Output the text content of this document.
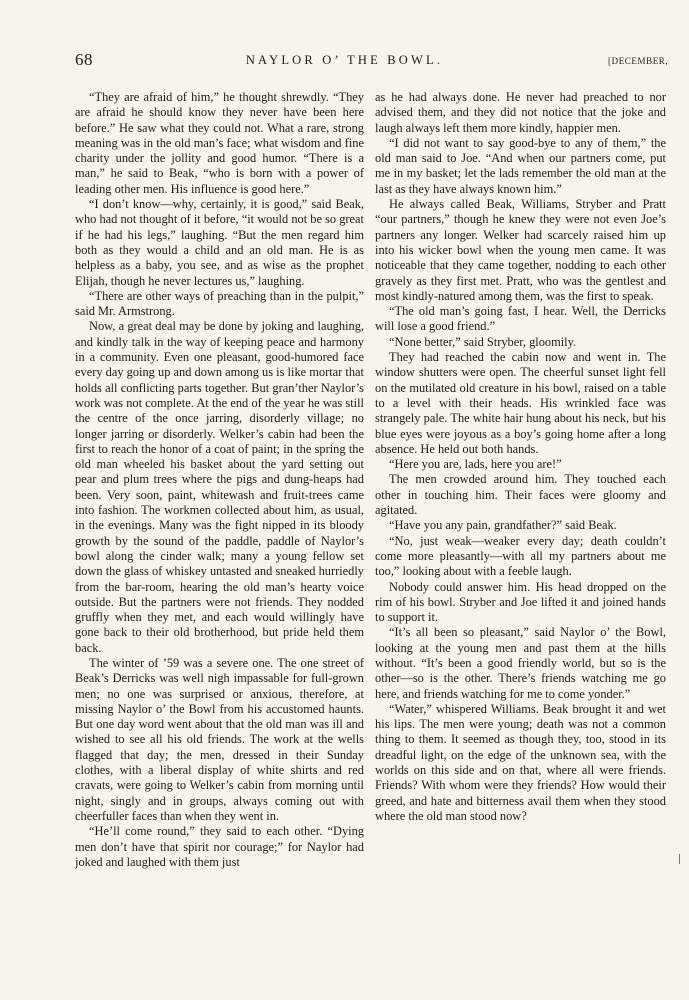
68	NAYLOR O’ THE BOWL.	[DECEMBER,

“They are afraid of him,” he thought shrewdly. “They are afraid he should know they never have been here before.” He saw what they could not. What a rare, strong meaning was in the old man’s face; what wisdom and fine charity under the jollity and good humor. “There is a man,” he said to Beak, “who is born with a power of leading other men. His influence is good here.”

“I don’t know—why, certainly, it is good,” said Beak, who had not thought of it before, “it would not be so great if he had his legs,” laughing. “But the men regard him both as they would a child and an old man. He is as helpless as a baby, you see, and as wise as the prophet Elijah, though he never lectures us,” laughing.

“There are other ways of preaching than in the pulpit,” said Mr. Armstrong.

Now, a great deal may be done by joking and laughing, and kindly talk in the way of keeping peace and harmony in a community. Even one pleasant, good-humored face every day going up and down among us is like mortar that holds all conflicting parts together. But gran’ther Naylor’s work was not complete. At the end of the year he was still the centre of the once jarring, disorderly village; no longer jarring or disorderly. Welker’s cabin had been the first to reach the honor of a coat of paint; in the spring the old man wheeled his basket about the yard setting out pear and plum trees where the pigs and dung-heaps had been. Very soon, paint, whitewash and fruit-trees came into fashion. The workmen collected about him, as usual, in the evenings. Many was the fight nipped in its bloody growth by the sound of the paddle, paddle of Naylor’s bowl along the cinder walk; many a young fellow set down the glass of whiskey untasted and sneaked hurriedly from the bar-room, hearing the old man’s hearty voice outside. But the partners were not friends. They nodded gruffly when they met, and each would willingly have gone back to their old brotherhood, but pride held them back.

The winter of ’59 was a severe one. The one street of Beak’s Derricks was well nigh impassable for full-grown men; no one was surprised or anxious, therefore, at missing Naylor o’ the Bowl from his accustomed haunts. But one day word went about that the old man was ill and wished to see all his old friends. The work at the wells flagged that day; the men, dressed in their Sunday clothes, with a liberal display of white shirts and red cravats, were going to Welker’s cabin from morning until night, singly and in groups, always coming out with cheerfuller faces than when they went in.

“He’ll come round,” they said to each other. “Dying men don’t have that spirit nor courage;” for Naylor had joked and laughed with them just

as he had always done. He never had preached to nor advised them, and they did not notice that the joke and laugh always left them more kindly, happier men.

“I did not want to say good-bye to any of them,” the old man said to Joe. “And when our partners come, put me in my basket; let the lads remember the old man at the last as they have always known him.”

He always called Beak, Williams, Stryber and Pratt “our partners,” though he knew they were not even Joe’s partners any longer. Welker had scarcely raised him up into his wicker bowl when the young men came. It was noticeable that they came together, nodding to each other gravely as they first met. Pratt, who was the gentlest and most kindly-natured among them, was the first to speak.

“The old man’s going fast, I hear. Well, the Derricks will lose a good friend.”

“None better,” said Stryber, gloomily.

They had reached the cabin now and went in. The window shutters were open. The cheerful sunset light fell on the mutilated old creature in his bowl, raised on a table to a level with their heads. His wrinkled face was strangely pale. The white hair hung about his neck, but his blue eyes were joyous as a boy’s going home after a long absence. He held out both hands.

“Here you are, lads, here you are!”

The men crowded around him. They touched each other in touching him. Their faces were gloomy and agitated.

“Have you any pain, grandfather?” said Beak.

“No, just weak—weaker every day; death couldn’t come more pleasantly—with all my partners about me too,” looking about with a feeble laugh.

Nobody could answer him. His head dropped on the rim of his bowl. Stryber and Joe lifted it and joined hands to support it.

“It’s all been so pleasant,” said Naylor o’ the Bowl, looking at the young men and past them at the hills without. “It’s been a good friendly world, but so is the other—so is the other. There’s friends watching me go here, and friends watching for me to come yonder.”

“Water,” whispered Williams. Beak brought it and wet his lips. The men were young; death was not a common thing to them. It seemed as though they, too, stood in its dreadful light, on the edge of the unknown sea, with the worlds on this side and on that, where all were friends. Friends? With whom were they friends? How would their greed, and hate and bitterness avail them when they stood where the old man stood now?
